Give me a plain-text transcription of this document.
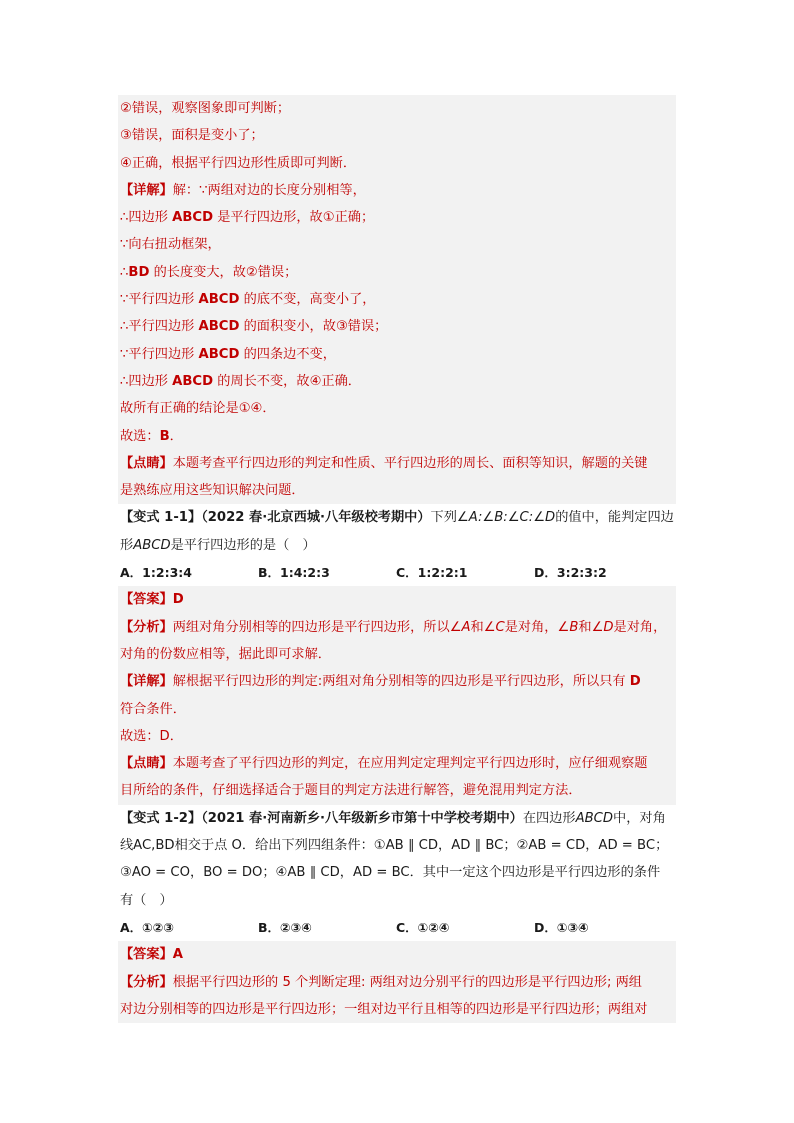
②错误，观察图象即可判断；
③错误，面积是变小了；
④正确，根据平行四边形性质即可判断．
【详解】解：∵两组对边的长度分别相等，
∴四边形 ABCD 是平行四边形，故①正确；
∵向右扭动框架，
∴BD 的长度变大，故②错误；
∵平行四边形 ABCD 的底不变，高变小了，
∴平行四边形 ABCD 的面积变小，故③错误；
∵平行四边形 ABCD 的四条边不变，
∴四边形 ABCD 的周长不变，故④正确．
故所有正确的结论是①④．
故选：B．
【点睛】本题考查平行四边形的判定和性质、平行四边形的周长、面积等知识，解题的关键
是熟练应用这些知识解决问题．
【变式 1-1】（2022 春·北京西城·八年级校考期中）下列∠A:∠B:∠C:∠D的值中，能判定四边
形ABCD是平行四边形的是（　）
A．1:2:3:4	B．1:4:2:3	C．1:2:2:1	D．3:2:3:2
【答案】D
【分析】两组对角分别相等的四边形是平行四边形，所以∠A和∠C是对角，∠B和∠D是对角，
对角的份数应相等，据此即可求解．
【详解】解根据平行四边形的判定:两组对角分别相等的四边形是平行四边形，所以只有 D
符合条件．
故选：D．
【点睛】本题考查了平行四边形的判定，在应用判定定理判定平行四边形时，应仔细观察题
目所给的条件，仔细选择适合于题目的判定方法进行解答，避免混用判定方法．
【变式 1-2】（2021 春·河南新乡·八年级新乡市第十中学校考期中）在四边形ABCD中，对角
线AC,BD相交于点 O．给出下列四组条件：①AB ∥ CD，AD ∥ BC；②AB = CD，AD = BC；
③AO = CO，BO = DO；④AB ∥ CD，AD = BC．其中一定这个四边形是平行四边形的条件
有（　）
A．①②③	B．②③④	C．①②④	D．①③④
【答案】A
【分析】根据平行四边形的 5 个判断定理: 两组对边分别平行的四边形是平行四边形; 两组
对边分别相等的四边形是平行四边形；一组对边平行且相等的四边形是平行四边形；两组对
